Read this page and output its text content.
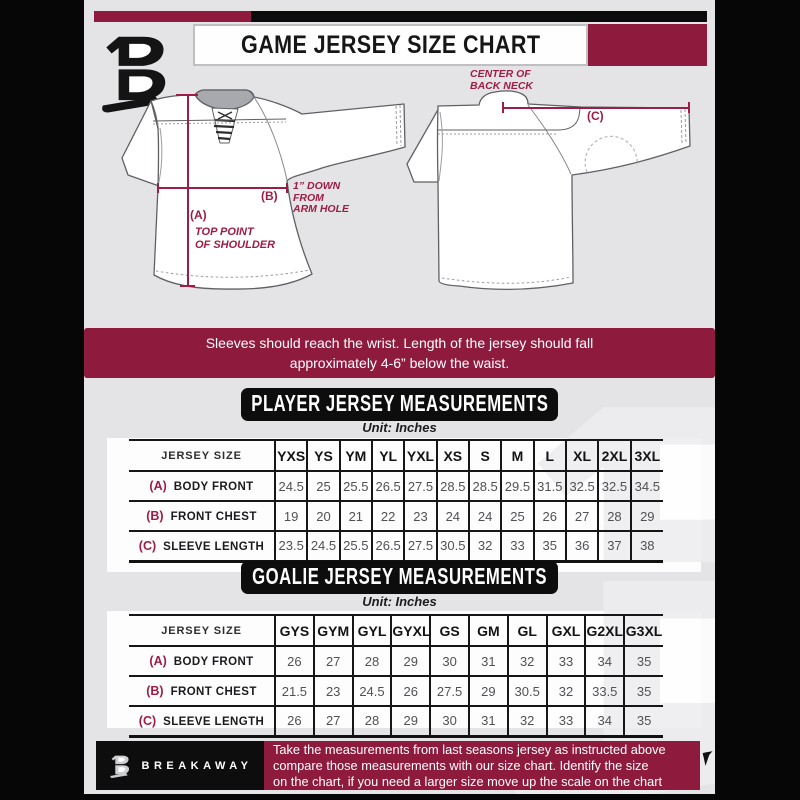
GAME JERSEY SIZE CHART
CENTER OF
BACK NECK
(A)
TOP POINT
OF SHOULDER
(B)
1” DOWN
FROM
ARM HOLE
(C)
Sleeves should reach the wrist. Length of the jersey should fall
approximately 4-6” below the waist.
PLAYER JERSEY MEASUREMENTS
Unit: Inches
JERSEY SIZE	YXS	YS	YM	YL	YXL	XS	S	M	L	XL	2XL	3XL
(A) BODY FRONT	24.5	25	25.5	26.5	27.5	28.5	28.5	29.5	31.5	32.5	32.5	34.5
(B) FRONT CHEST	19	20	21	22	23	24	24	25	26	27	28	29
(C) SLEEVE LENGTH	23.5	24.5	25.5	26.5	27.5	30.5	32	33	35	36	37	38
GOALIE JERSEY MEASUREMENTS
Unit: Inches
JERSEY SIZE	GYS	GYM	GYL	GYXL	GS	GM	GL	GXL	G2XL	G3XL
(A) BODY FRONT	26	27	28	29	30	31	32	33	34	35
(B) FRONT CHEST	21.5	23	24.5	26	27.5	29	30.5	32	33.5	35
(C) SLEEVE LENGTH	26	27	28	29	30	31	32	33	34	35
BREAKAWAY
Take the measurements from last seasons jersey as instructed above
compare those measurements with our size chart. Identify the size
on the chart, if you need a larger size move up the scale on the chart
